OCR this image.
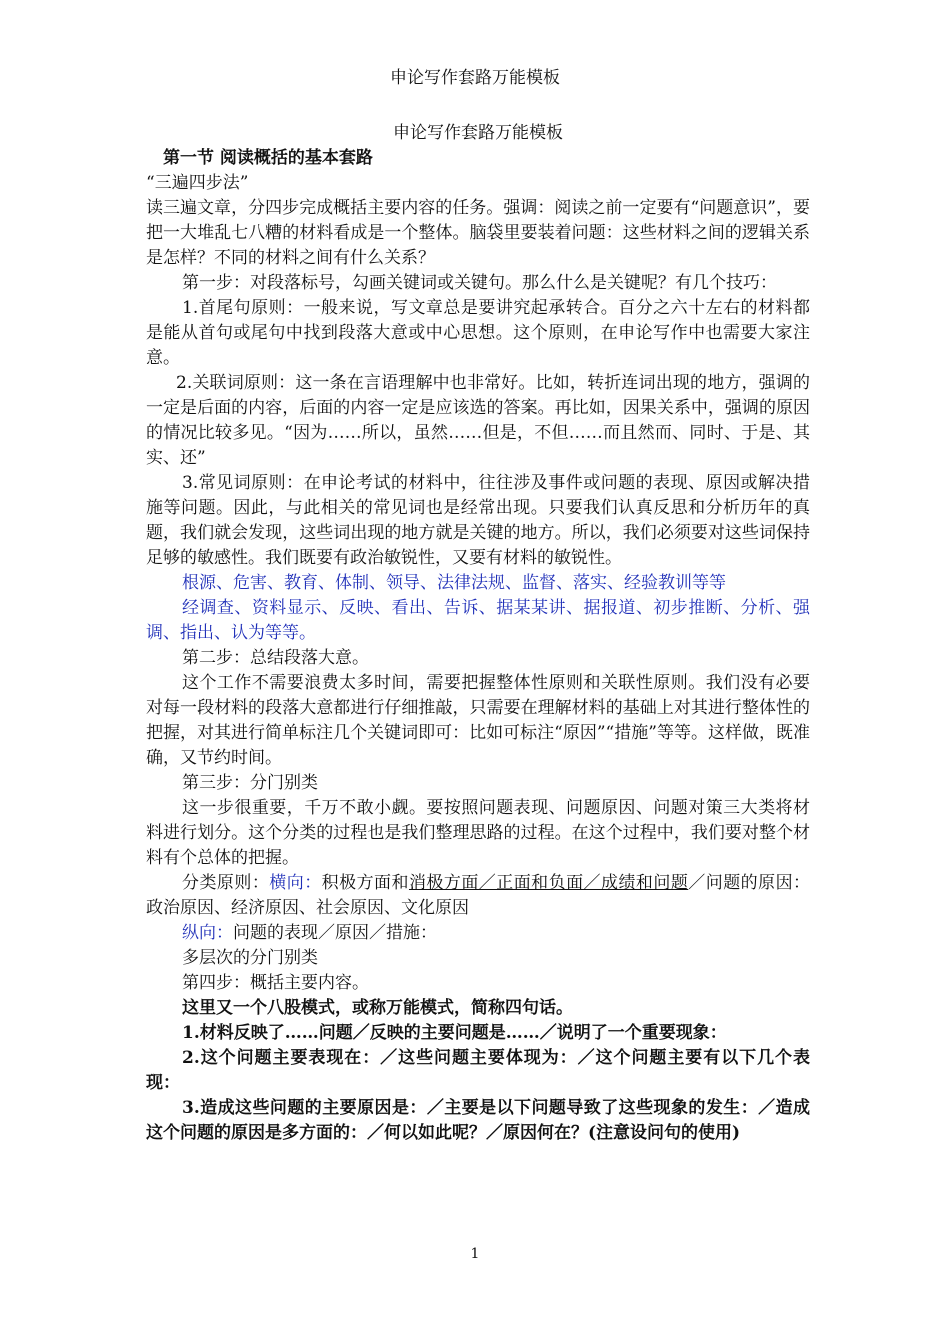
申论写作套路万能模板

申论写作套路万能模板

第一节 阅读概括的基本套路

“三遍四步法”

读三遍文章，分四步完成概括主要内容的任务。强调：阅读之前一定要有“问题意识”，要把一大堆乱七八糟的材料看成是一个整体。脑袋里要装着问题：这些材料之间的逻辑关系是怎样？不同的材料之间有什么关系？

第一步：对段落标号，勾画关键词或关键句。那么什么是关键呢？有几个技巧：

1.首尾句原则：一般来说，写文章总是要讲究起承转合。百分之六十左右的材料都是能从首句或尾句中找到段落大意或中心思想。这个原则，在申论写作中也需要大家注意。

2.关联词原则：这一条在言语理解中也非常好。比如，转折连词出现的地方，强调的一定是后面的内容，后面的内容一定是应该选的答案。再比如，因果关系中，强调的原因的情况比较多见。“因为……所以，虽然……但是，不但……而且然而、同时、于是、其实、还”

3.常见词原则：在申论考试的材料中，往往涉及事件或问题的表现、原因或解决措施等问题。因此，与此相关的常见词也是经常出现。只要我们认真反思和分析历年的真题，我们就会发现，这些词出现的地方就是关键的地方。所以，我们必须要对这些词保持足够的敏感性。我们既要有政治敏锐性，又要有材料的敏锐性。

根源、危害、教育、体制、领导、法律法规、监督、落实、经验教训等等

经调查、资料显示、反映、看出、告诉、据某某讲、据报道、初步推断、分析、强调、指出、认为等等。

第二步：总结段落大意。

这个工作不需要浪费太多时间，需要把握整体性原则和关联性原则。我们没有必要对每一段材料的段落大意都进行仔细推敲，只需要在理解材料的基础上对其进行整体性的把握，对其进行简单标注几个关键词即可：比如可标注“原因”“措施”等等。这样做，既准确，又节约时间。

第三步：分门别类

这一步很重要，千万不敢小觑。要按照问题表现、问题原因、问题对策三大类将材料进行划分。这个分类的过程也是我们整理思路的过程。在这个过程中，我们要对整个材料有个总体的把握。

分类原则：横向：积极方面和消极方面／正面和负面／成绩和问题／问题的原因：政治原因、经济原因、社会原因、文化原因

纵向：问题的表现／原因／措施：

多层次的分门别类

第四步：概括主要内容。

这里又一个八股模式，或称万能模式，简称四句话。

1.材料反映了……问题／反映的主要问题是……／说明了一个重要现象：

2.这个问题主要表现在：／这些问题主要体现为：／这个问题主要有以下几个表现：

3.造成这些问题的主要原因是：／主要是以下问题导致了这些现象的发生：／造成这个问题的原因是多方面的：／何以如此呢？／原因何在？(注意设问句的使用)

1
